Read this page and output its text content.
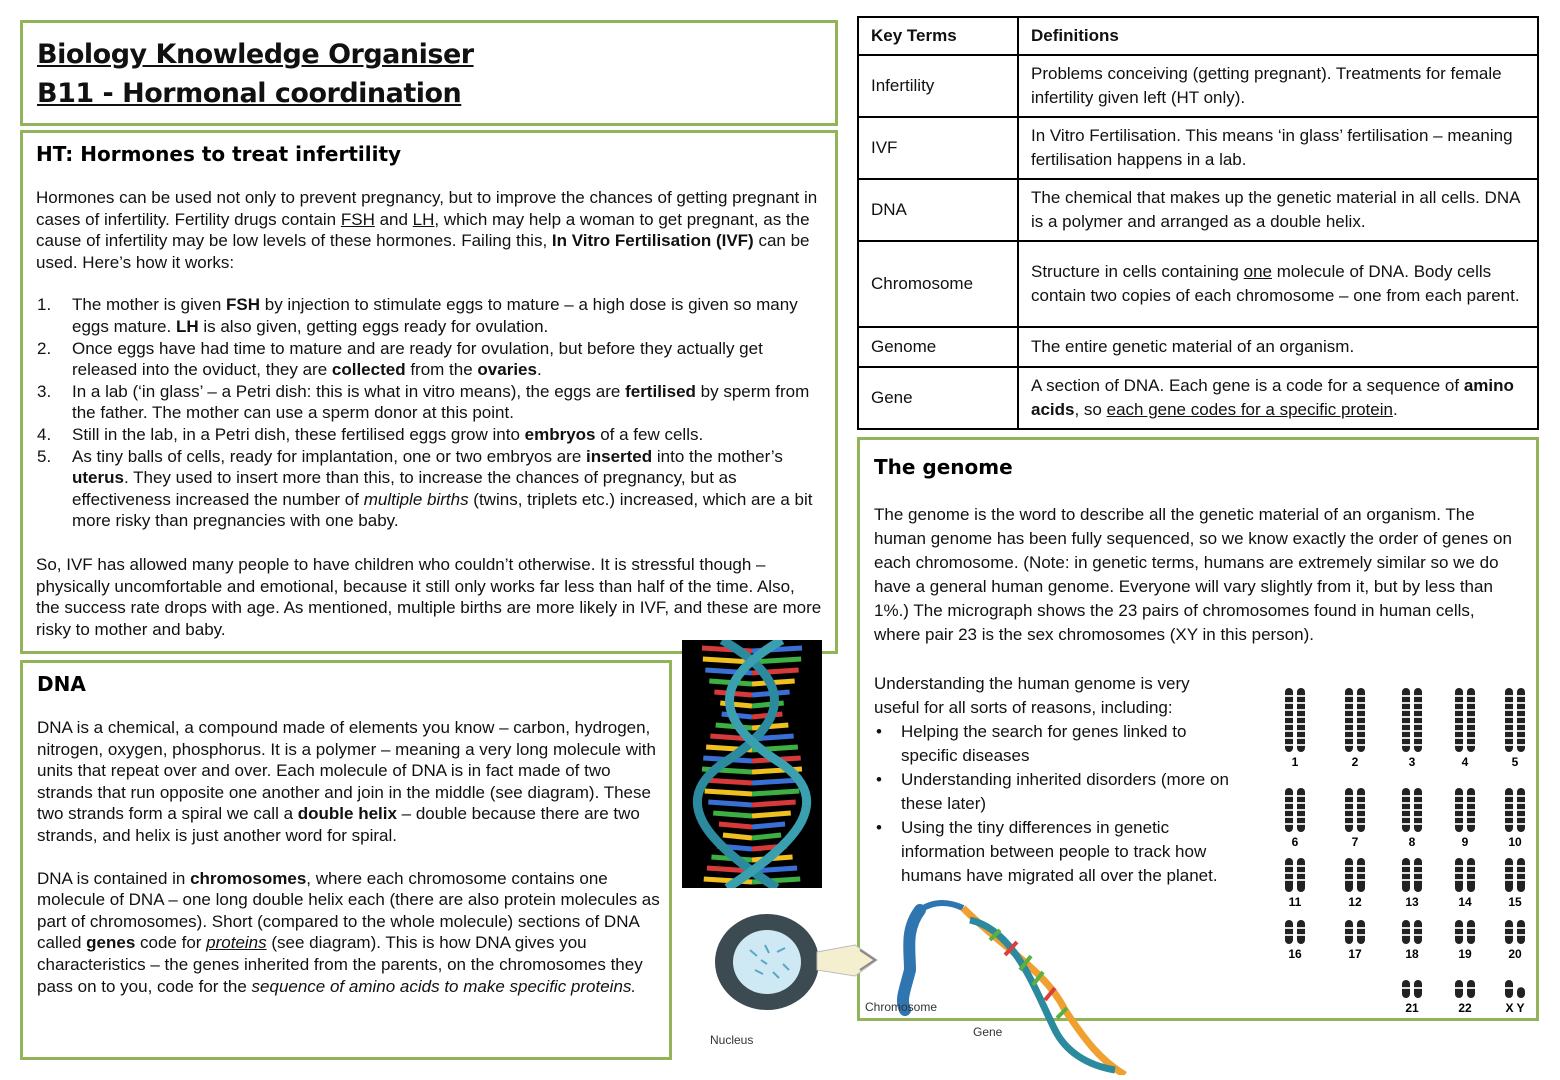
Biology Knowledge Organiser
B11 - Hormonal coordination
HT: Hormones to treat infertility

Hormones can be used not only to prevent pregnancy, but to improve the chances of getting pregnant in cases of infertility. Fertility drugs contain FSH and LH, which may help a woman to get pregnant, as the cause of infertility may be low levels of these hormones. Failing this, In Vitro Fertilisation (IVF) can be used. Here’s how it works:

1. The mother is given FSH by injection to stimulate eggs to mature – a high dose is given so many eggs mature. LH is also given, getting eggs ready for ovulation.
2. Once eggs have had time to mature and are ready for ovulation, but before they actually get released into the oviduct, they are collected from the ovaries.
3. In a lab (‘in glass’ – a Petri dish: this is what in vitro means), the eggs are fertilised by sperm from the father. The mother can use a sperm donor at this point.
4. Still in the lab, in a Petri dish, these fertilised eggs grow into embryos of a few cells.
5. As tiny balls of cells, ready for implantation, one or two embryos are inserted into the mother’s uterus. They used to insert more than this, to increase the chances of pregnancy, but as effectiveness increased the number of multiple births (twins, triplets etc.) increased, which are a bit more risky than pregnancies with one baby.

So, IVF has allowed many people to have children who couldn’t otherwise. It is stressful though – physically uncomfortable and emotional, because it still only works far less than half of the time. Also, the success rate drops with age. As mentioned, multiple births are more likely in IVF, and these are more risky to mother and baby.

DNA

DNA is a chemical, a compound made of elements you know – carbon, hydrogen, nitrogen, oxygen, phosphorus. It is a polymer – meaning a very long molecule with units that repeat over and over. Each molecule of DNA is in fact made of two strands that run opposite one another and join in the middle (see diagram). These two strands form a spiral we call a double helix – double because there are two strands, and helix is just another word for spiral.

DNA is contained in chromosomes, where each chromosome contains one molecule of DNA – one long double helix each (there are also protein molecules as part of chromosomes). Short (compared to the whole molecule) sections of DNA called genes code for proteins (see diagram). This is how DNA gives you characteristics – the genes inherited from the parents, on the chromosomes they pass on to you, code for the sequence of amino acids to make specific proteins.

Key Terms	Definitions
Infertility	Problems conceiving (getting pregnant). Treatments for female infertility given left (HT only).
IVF	In Vitro Fertilisation. This means ‘in glass’ fertilisation – meaning fertilisation happens in a lab.
DNA	The chemical that makes up the genetic material in all cells. DNA is a polymer and arranged as a double helix.
Chromosome	Structure in cells containing one molecule of DNA. Body cells contain two copies of each chromosome – one from each parent.
Genome	The entire genetic material of an organism.
Gene	A section of DNA. Each gene is a code for a sequence of amino acids, so each gene codes for a specific protein.
The genome

The genome is the word to describe all the genetic material of an organism. The human genome has been fully sequenced, so we know exactly the order of genes on each chromosome. (Note: in genetic terms, humans are extremely similar so we do have a general human genome. Everyone will vary slightly from it, but by less than 1%.) The micrograph shows the 23 pairs of chromosomes found in human cells, where pair 23 is the sex chromosomes (XY in this person).

Understanding the human genome is very useful for all sorts of reasons, including:

• Helping the search for genes linked to specific diseases
• Understanding inherited disorders (more on these later)
• Using the tiny differences in genetic information between people to track how humans have migrated all over the planet.
1	2	3	4	5
6	7	8	9	10
11	12	13	14	15
16	17	18	19	20
21	22	X Y
Nucleus
Chromosome
Gene
